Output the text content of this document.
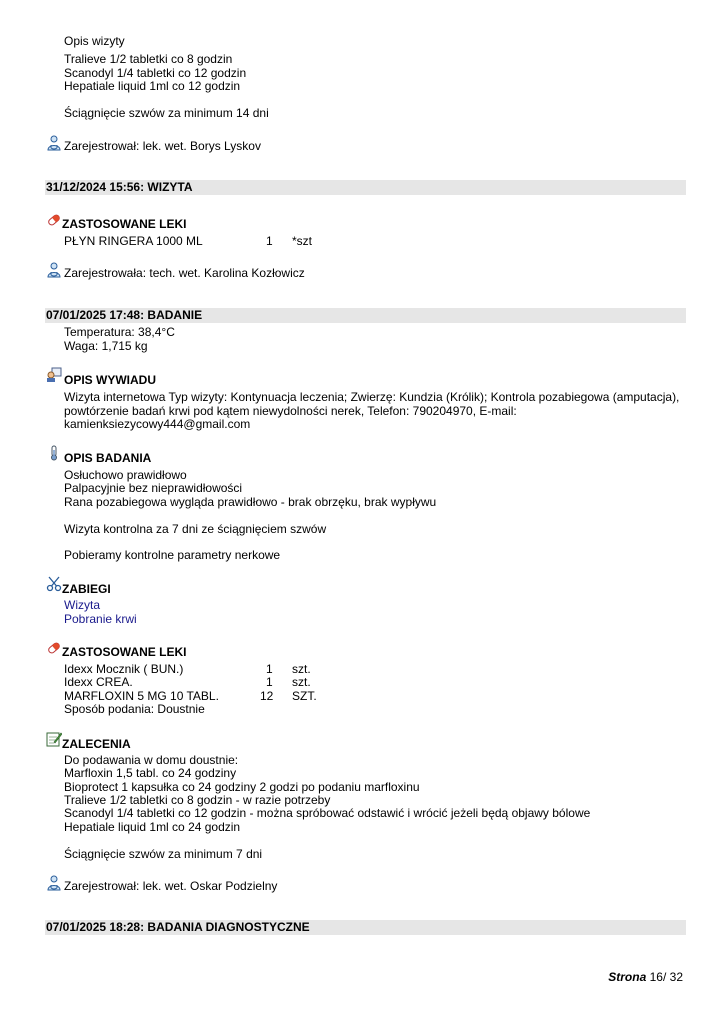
Opis wizyty
Tralieve 1/2 tabletki co 8 godzin
Scanodyl 1/4 tabletki co 12 godzin
Hepatiale liquid 1ml co 12 godzin
Ściągnięcie szwów za minimum 14 dni
Zarejestrował: lek. wet. Borys Lyskov
31/12/2024 15:56: WIZYTA
ZASTOSOWANE LEKI
PŁYN RINGERA 1000 ML	1 *szt
Zarejestrowała: tech. wet. Karolina Kozłowicz
07/01/2025 17:48: BADANIE
Temperatura: 38,4°C
Waga: 1,715 kg
OPIS WYWIADU
Wizyta internetowa Typ wizyty: Kontynuacja leczenia; Zwierzę: Kundzia (Królik); Kontrola pozabiegowa (amputacja),
powtórzenie badań krwi pod kątem niewydolności nerek, Telefon: 790204970, E-mail:
kamienksiezycowy444@gmail.com
OPIS BADANIA
Osłuchowo prawidłowo
Palpacyjnie bez nieprawidłowości
Rana pozabiegowa wygląda prawidłowo - brak obrzęku, brak wypływu
Wizyta kontrolna za 7 dni ze ściągnięciem szwów
Pobieramy kontrolne parametry nerkowe
ZABIEGI
Wizyta
Pobranie krwi
ZASTOSOWANE LEKI
Idexx Mocznik ( BUN.)	1 szt.
Idexx CREA.	1 szt.
MARFLOXIN 5 MG 10 TABL.	12 SZT.
Sposób podania: Doustnie
ZALECENIA
Do podawania w domu doustnie:
Marfloxin 1,5 tabl. co 24 godziny
Bioprotect 1 kapsułka co 24 godziny 2 godzi po podaniu marfloxinu
Tralieve 1/2 tabletki co 8 godzin - w razie potrzeby
Scanodyl 1/4 tabletki co 12 godzin - można spróbować odstawić i wrócić jeżeli będą objawy bólowe
Hepatiale liquid 1ml co 24 godzin
Ściągnięcie szwów za minimum 7 dni
Zarejestrował: lek. wet. Oskar Podzielny
07/01/2025 18:28: BADANIA DIAGNOSTYCZNE
Strona 16/ 32
